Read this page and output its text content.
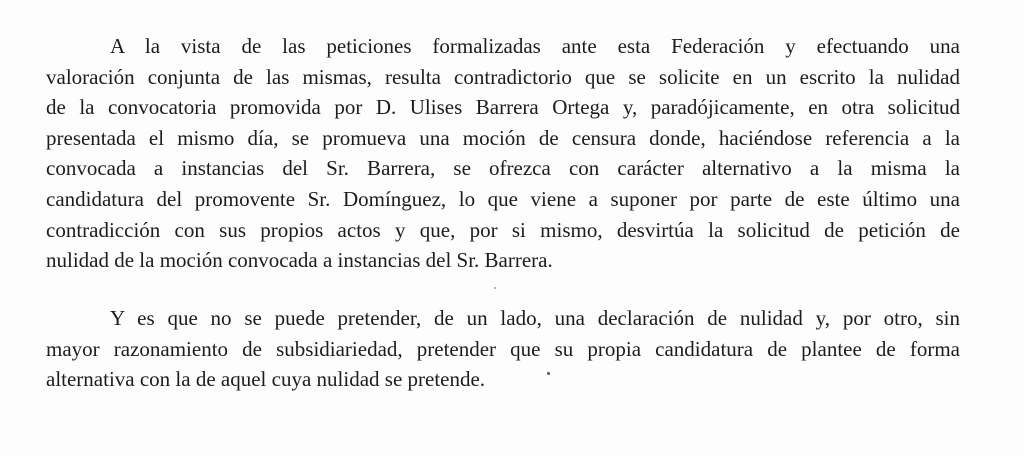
A la vista de las peticiones formalizadas ante esta Federación y efectuando una
valoración conjunta de las mismas, resulta contradictorio que se solicite en un escrito la nulidad
de la convocatoria promovida por D. Ulises Barrera Ortega y, paradójicamente, en otra solicitud
presentada el mismo día, se promueva una moción de censura donde, haciéndose referencia a la
convocada a instancias del Sr. Barrera, se ofrezca con carácter alternativo a la misma la
candidatura del promovente Sr. Domínguez, lo que viene a suponer por parte de este último una
contradicción con sus propios actos y que, por si mismo, desvirtúa la solicitud de petición de
nulidad de la moción convocada a instancias del Sr. Barrera.
Y es que no se puede pretender, de un lado, una declaración de nulidad y, por otro, sin
mayor razonamiento de subsidiariedad, pretender que su propia candidatura de plantee de forma
alternativa con la de aquel cuya nulidad se pretende.
